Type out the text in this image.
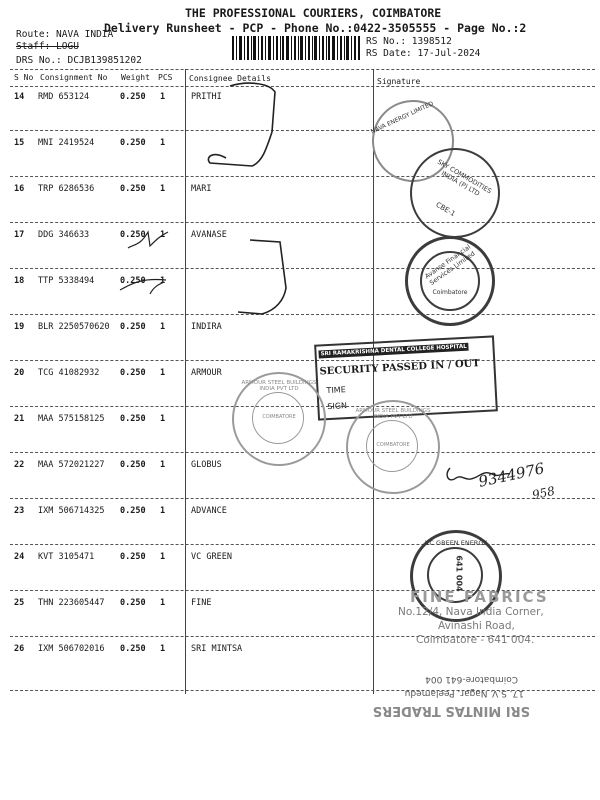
THE PROFESSIONAL COURIERS, COIMBATORE
Delivery Runsheet - PCP - Phone No.:0422-3505555 - Page No.:2
Route: NAVA INDIA
Staff: LOGU
DRS No.: DCJB139851202
RS No.: 1398512
RS Date: 17-Jul-2024
S No Consignment No Weight PCS Consignee Details	Signature
14 RMD 653124	0.250 1	PRITHI
15 MNI 2419524	0.250 1
16 TRP 6286536	0.250 1	MARI
17 DDG 346633	0.250 1	AVANASE
18 TTP 5338494	0.250 1
19 BLR 2250570620 0.250 1	INDIRA
20 TCG 41082932 0.250 1	ARMOUR
21 MAA 575158125 0.250 1
22 MAA 572021227 0.250 1	GLOBUS
23 IXM 506714325 0.250 1	ADVANCE
24 KVT 3105471	0.250 1	VC GREEN
25 THN 223605447 0.250 1	FINE
26 IXM 506702016 0.250 1	SRI MINTSA
NAVA ENERGY LIMITED
SKY COMMODITIES INDIA (P) LTD
CBE-1
Avanse Financial Services Limited
Coimbatore
SRI RAMAKRISHNA DENTAL COLLEGE HOSPITAL
SECURITY PASSED IN / OUT
TIME
SIGN
ARMOUR STEEL BUILDINGS INDIA PVT LTD
COIMBATORE
ARMOUR STEEL BUILDINGS INDIA PVT LTD
COIMBATORE
9344976
958
VC GREEN ENERGY
641 004
FINE FABRICS
No.12/4, Nava India Corner,
Avinashi Road,
Coimbatore - 641 004.
SRI MINTAS TRADERS
17, S.V. Nagar, Peelamedu
Coimbatore-641 004
